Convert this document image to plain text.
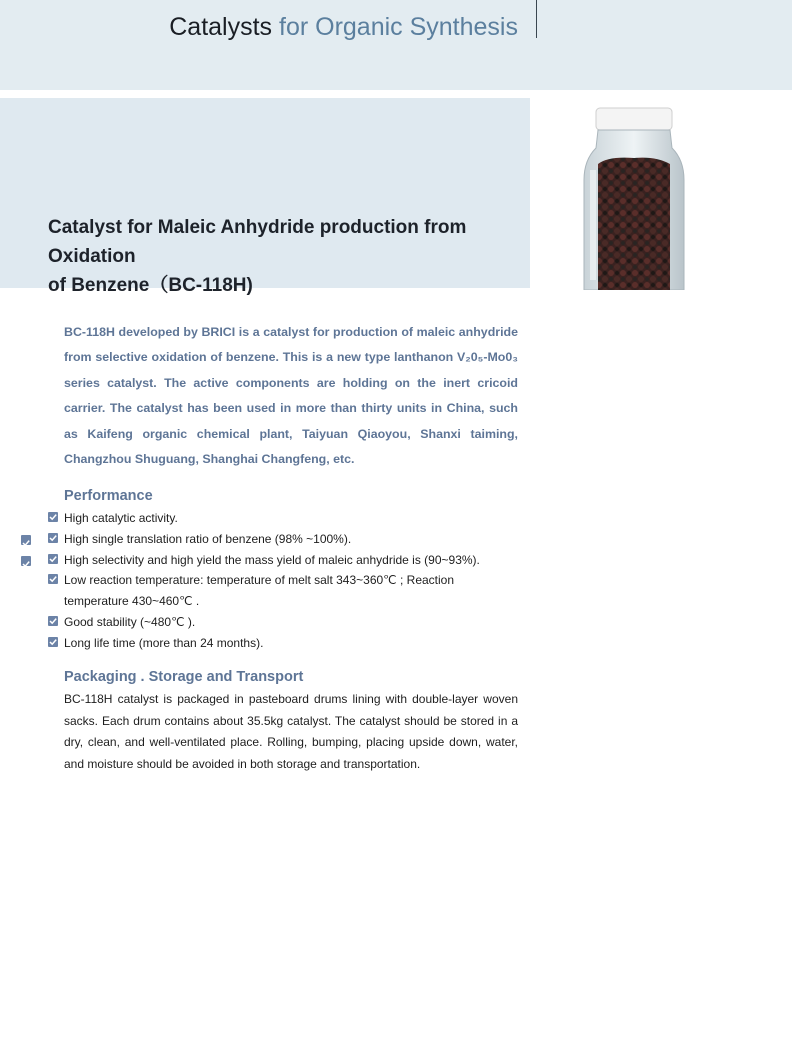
Catalysts for Organic Synthesis
Catalyst for Maleic Anhydride production from Oxidation
of Benzene（BC-118H)

BC-118H developed by BRICI is a catalyst for production of maleic anhydride from selective oxidation of benzene. This is a new type lanthanon V₂0₅-Mo0₃ series catalyst. The active components are holding on the inert cricoid carrier. The catalyst has been used in more than thirty units in China, such as Kaifeng organic chemical plant, Taiyuan Qiaoyou, Shanxi taiming, Changzhou Shuguang, Shanghai Changfeng, etc.

Performance
High catalytic activity.
High single translation ratio of benzene (98% ~100%).
High selectivity and high yield the mass yield of maleic anhydride is (90~93%).
Low reaction temperature: temperature of melt salt 343~360℃ ; Reaction temperature 430~460℃ .
Good stability (~480℃ ).
Long life time (more than 24 months).
Packaging . Storage and Transport

BC-118H catalyst is packaged in pasteboard drums lining with double-layer woven sacks. Each drum contains about 35.5kg catalyst. The catalyst should be stored in a dry, clean, and well-ventilated place. Rolling, bumping, placing upside down, water, and moisture should be avoided in both storage and transportation.
